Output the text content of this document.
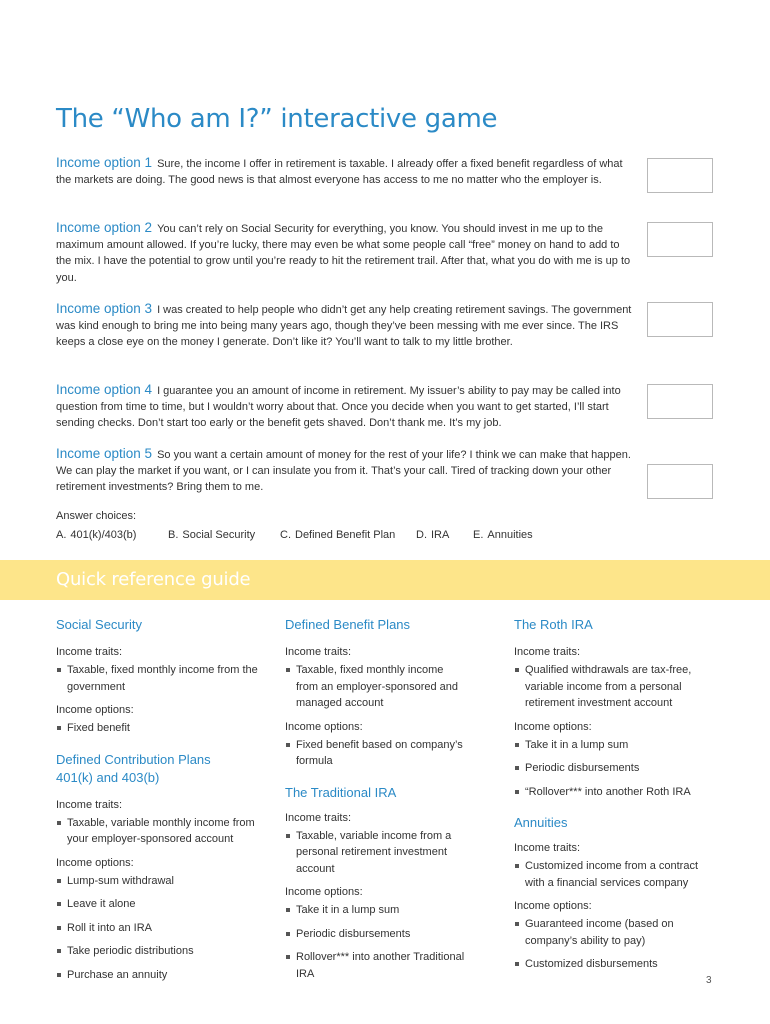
The “Who am I?” interactive game
Income option 1 Sure, the income I offer in retirement is taxable. I already offer a fixed benefit regardless of what the markets are doing. The good news is that almost everyone has access to me no matter who the employer is.
Income option 2 You can’t rely on Social Security for everything, you know. You should invest in me up to the maximum amount allowed. If you’re lucky, there may even be what some people call “free” money on hand to add to the mix. I have the potential to grow until you’re ready to hit the retirement trail. After that, what you do with me is up to you.
Income option 3 I was created to help people who didn’t get any help creating retirement savings. The government was kind enough to bring me into being many years ago, though they’ve been messing with me ever since. The IRS keeps a close eye on the money I generate. Don’t like it? You’ll want to talk to my little brother.
Income option 4 I guarantee you an amount of income in retirement. My issuer’s ability to pay may be called into question from time to time, but I wouldn’t worry about that. Once you decide when you want to get started, I’ll start sending checks. Don’t start too early or the benefit gets shaved. Don’t thank me. It’s my job.
Income option 5 So you want a certain amount of money for the rest of your life? I think we can make that happen. We can play the market if you want, or I can insulate you from it. That’s your call. Tired of tracking down your other retirement investments? Bring them to me.
Answer choices:
A. 401(k)/403(b)	B. Social Security C. Defined Benefit Plan D. IRA E. Annuities
Quick reference guide
Social Security
Income traits:
Taxable, fixed monthly income from the government
Income options:
Fixed benefit
Defined Contribution Plans 401(k) and 403(b)
Income traits:
Taxable, variable monthly income from your employer-sponsored account
Income options:
Lump-sum withdrawal
Leave it alone
Roll it into an IRA
Take periodic distributions
Purchase an annuity
Defined Benefit Plans
Income traits:
Taxable, fixed monthly income from an employer-sponsored and managed account
Income options:
Fixed benefit based on company’s formula
The Traditional IRA
Income traits:
Taxable, variable income from a personal retirement investment account
Income options:
Take it in a lump sum
Periodic disbursements
Rollover*** into another Traditional IRA
The Roth IRA
Income traits:
Qualified withdrawals are tax-free, variable income from a personal retirement investment account
Income options:
Take it in a lump sum
Periodic disbursements
“Rollover*** into another Roth IRA
Annuities
Income traits:
Customized income from a contract with a financial services company
Income options:
Guaranteed income (based on company’s ability to pay)
Customized disbursements
3
